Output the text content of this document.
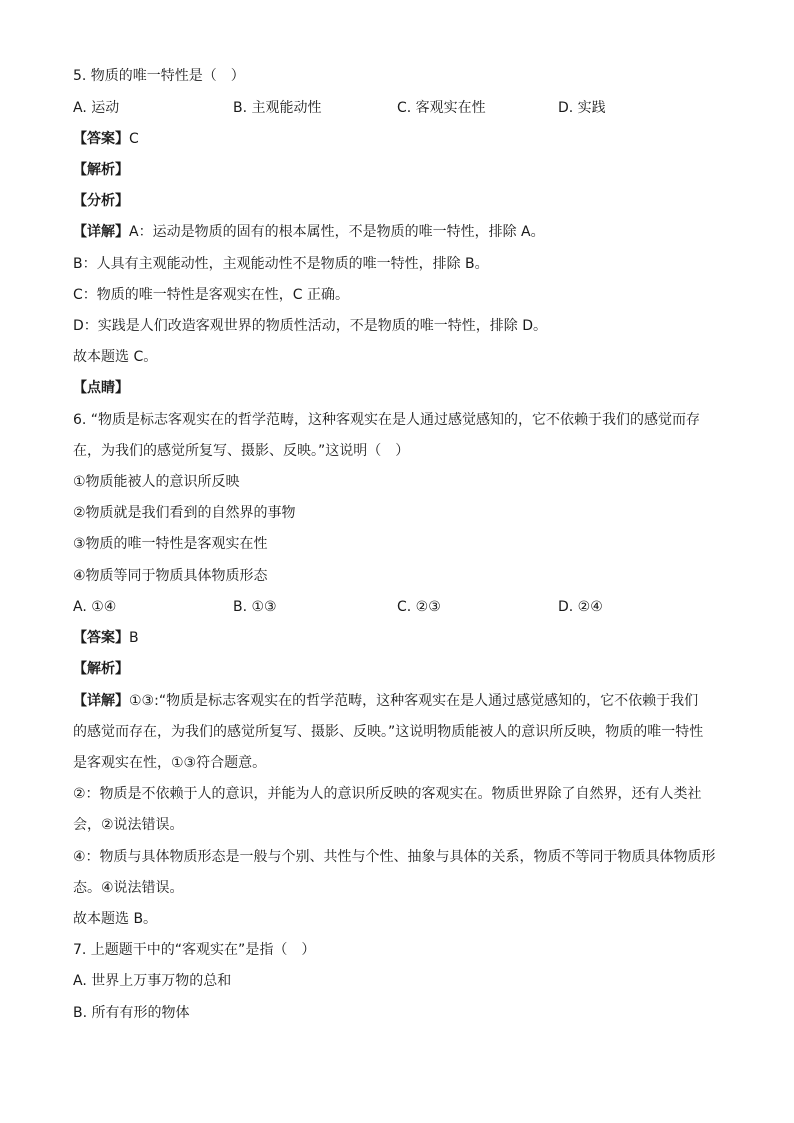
5. 物质的唯一特性是（　）
A. 运动	B. 主观能动性	C. 客观实在性	D. 实践
【答案】C
【解析】
【分析】
【详解】A：运动是物质的固有的根本属性，不是物质的唯一特性，排除 A。
B：人具有主观能动性，主观能动性不是物质的唯一特性，排除 B。
C：物质的唯一特性是客观实在性，C 正确。
D：实践是人们改造客观世界的物质性活动，不是物质的唯一特性，排除 D。
故本题选 C。
【点睛】
6. “物质是标志客观实在的哲学范畴，这种客观实在是人通过感觉感知的，它不依赖于我们的感觉而存
在，为我们的感觉所复写、摄影、反映。”这说明（　）
①物质能被人的意识所反映
②物质就是我们看到的自然界的事物
③物质的唯一特性是客观实在性
④物质等同于物质具体物质形态
A. ①④	B. ①③	C. ②③	D. ②④
【答案】B
【解析】
【详解】①③:“物质是标志客观实在的哲学范畴，这种客观实在是人通过感觉感知的，它不依赖于我们
的感觉而存在，为我们的感觉所复写、摄影、反映。”这说明物质能被人的意识所反映，物质的唯一特性
是客观实在性，①③符合题意。
②：物质是不依赖于人的意识，并能为人的意识所反映的客观实在。物质世界除了自然界，还有人类社
会，②说法错误。
④：物质与具体物质形态是一般与个别、共性与个性、抽象与具体的关系，物质不等同于物质具体物质形
态。④说法错误。
故本题选 B。
7. 上题题干中的“客观实在”是指（　）
A. 世界上万事万物的总和
B. 所有有形的物体
